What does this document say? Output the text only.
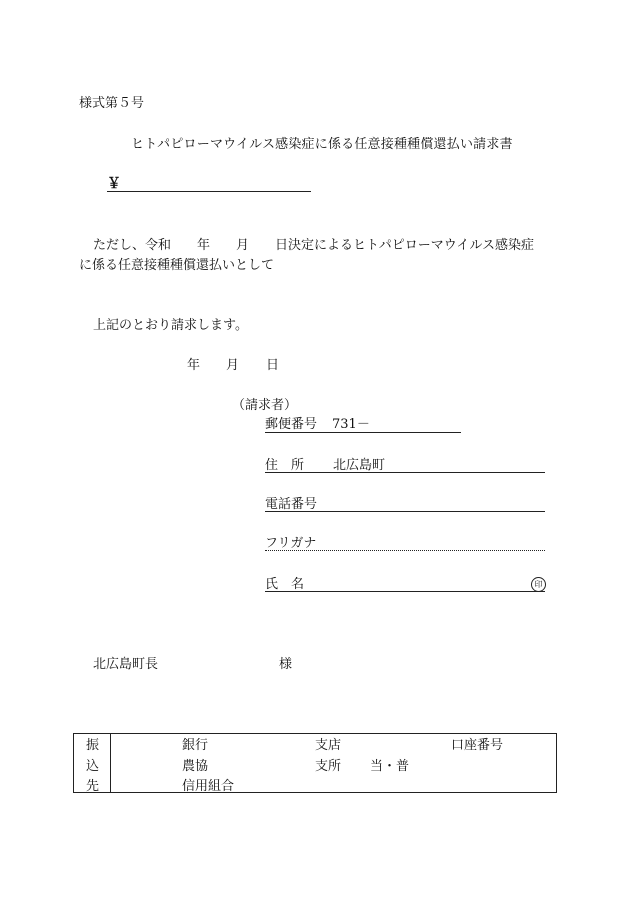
様式第５号
ヒトパピローマウイルス感染症に係る任意接種種償還払い請求書
￥
ただし、令和　　年　　月　　日決定によるヒトパピローマウイルス感染症
に係る任意接種種償還払いとして
上記のとおり請求します。
年 月 日
（請求者）
郵便番号 731－
住　所 北広島町
電話番号
フリガナ
氏　名	印
北広島町長	様
振
込
先
銀行
農協
信用組合
支店
支所 当・普
口座番号
